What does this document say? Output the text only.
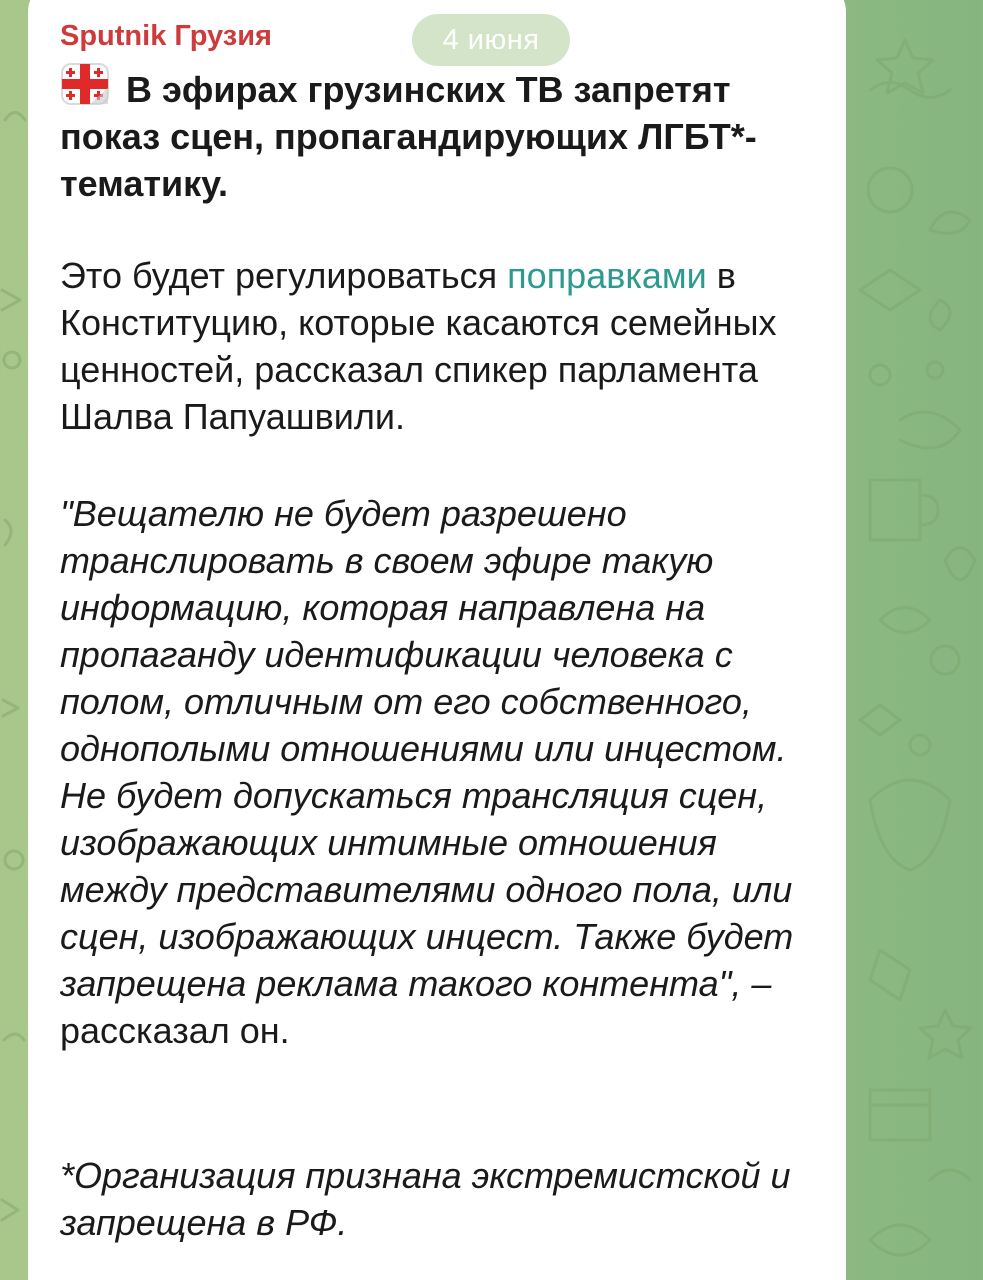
4 июня
Sputnik Грузия

В эфирах грузинских ТВ запретят показ сцен, пропагандирующих ЛГБТ*-тематику.

Это будет регулироваться поправками в Конституцию, которые касаются семейных ценностей, рассказал спикер парламента Шалва Папуашвили.

"Вещателю не будет разрешено транслировать в своем эфире такую информацию, которая направлена на пропаганду идентификации человека с полом, отличным от его собственного, однополыми отношениями или инцестом. Не будет допускаться трансляция сцен, изображающих интимные отношения между представителями одного пола, или сцен, изображающих инцест. Также будет запрещена реклама такого контента", – рассказал он.

*Организация признана экстремистской и запрещена в РФ.
